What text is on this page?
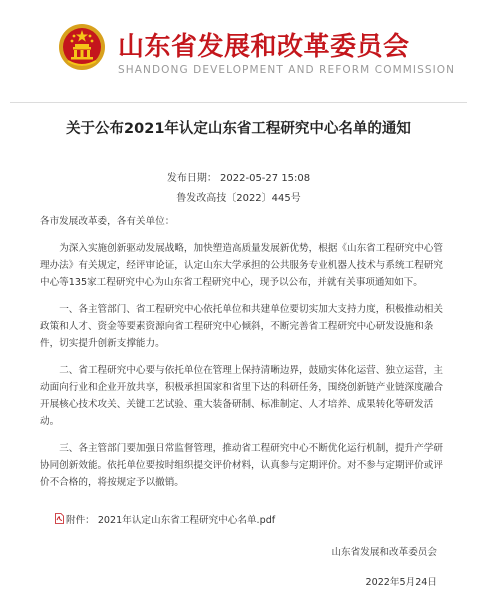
山东省发展和改革委员会
SHANDONG DEVELOPMENT AND REFORM COMMISSION
关于公布2021年认定山东省工程研究中心名单的通知
发布日期： 2022-05-27 15:08
鲁发改高技〔2022〕445号

各市发展改革委，各有关单位：

为深入实施创新驱动发展战略，加快塑造高质量发展新优势，根据《山东省工程研究中心管理办法》有关规定，经评审论证，认定山东大学承担的公共服务专业机器人技术与系统工程研究中心等135家工程研究中心为山东省工程研究中心，现予以公布，并就有关事项通知如下。

一、各主管部门、省工程研究中心依托单位和共建单位要切实加大支持力度，积极推动相关政策和人才、资金等要素资源向省工程研究中心倾斜，不断完善省工程研究中心研发设施和条件，切实提升创新支撑能力。

二、省工程研究中心要与依托单位在管理上保持清晰边界，鼓励实体化运营、独立运营，主动面向行业和企业开放共享，积极承担国家和省里下达的科研任务，围绕创新链产业链深度融合开展核心技术攻关、关键工艺试验、重大装备研制、标准制定、人才培养、成果转化等研发活动。

三、各主管部门要加强日常监督管理，推动省工程研究中心不断优化运行机制，提升产学研协同创新效能。依托单位要按时组织提交评价材料，认真参与定期评价。对不参与定期评价或评价不合格的，将按规定予以撤销。

附件： 2021年认定山东省工程研究中心名单.pdf
山东省发展和改革委员会
2022年5月24日
